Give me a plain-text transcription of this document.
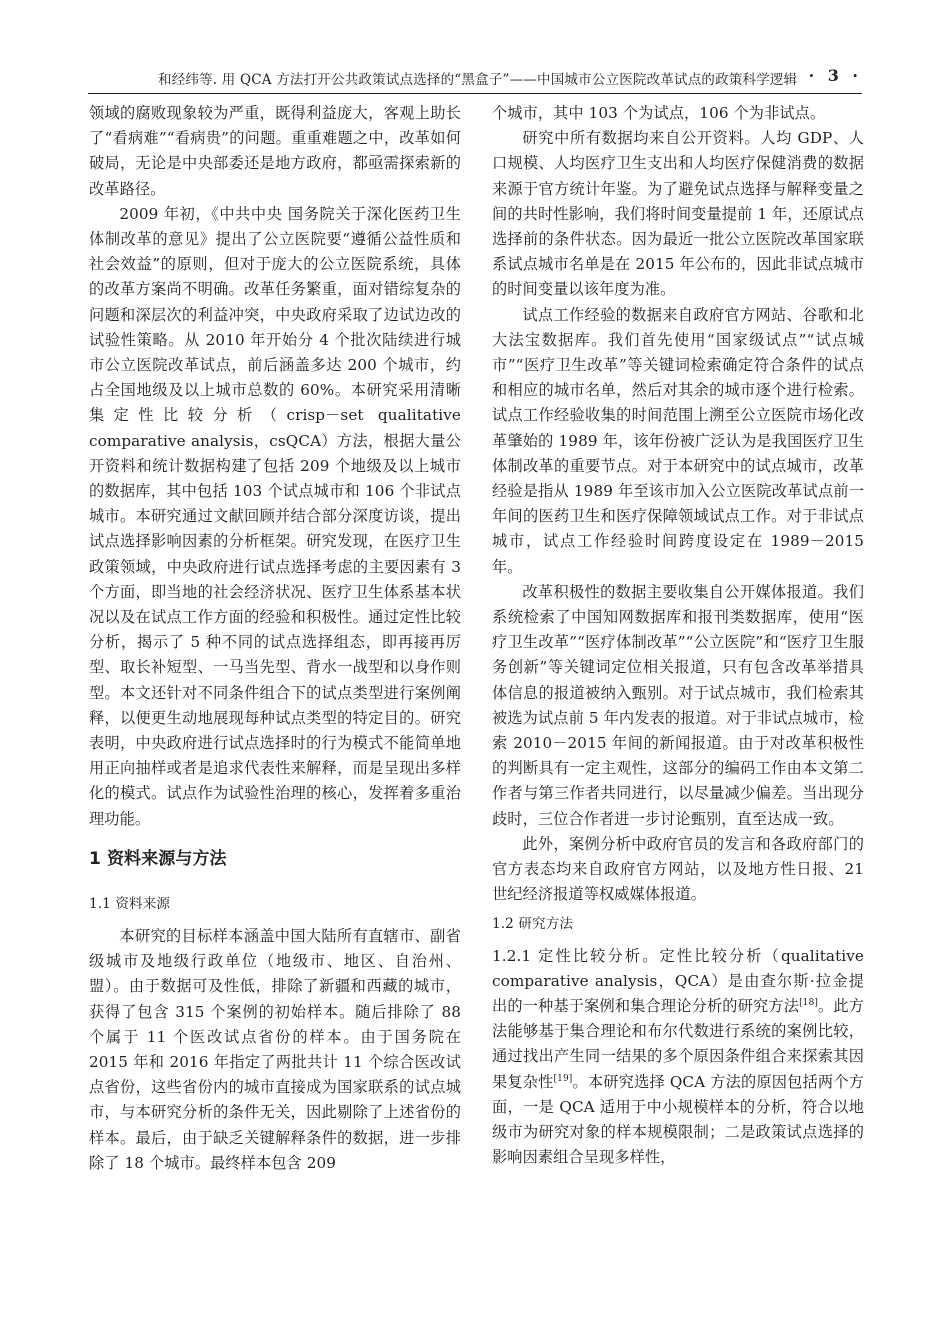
和经纬等. 用 QCA 方法打开公共政策试点选择的“黑盒子”——中国城市公立医院改革试点的政策科学逻辑 · 3 ·

领域的腐败现象较为严重，既得利益庞大，客观上助长了“看病难”“看病贵”的问题。重重难题之中，改革如何破局，无论是中央部委还是地方政府，都亟需探索新的改革路径。

2009 年初，《中共中央 国务院关于深化医药卫生体制改革的意见》提出了公立医院要“遵循公益性质和社会效益”的原则，但对于庞大的公立医院系统，具体的改革方案尚不明确。改革任务繁重，面对错综复杂的问题和深层次的利益冲突，中央政府采取了边试边改的试验性策略。从 2010 年开始分 4 个批次陆续进行城市公立医院改革试点，前后涵盖多达 200 个城市，约占全国地级及以上城市总数的 60%。本研究采用清晰集定性比较分析（crisp－set qualitative comparative analysis，csQCA）方法，根据大量公开资料和统计数据构建了包括 209 个地级及以上城市的数据库，其中包括 103 个试点城市和 106 个非试点城市。本研究通过文献回顾并结合部分深度访谈，提出试点选择影响因素的分析框架。研究发现，在医疗卫生政策领域，中央政府进行试点选择考虑的主要因素有 3 个方面，即当地的社会经济状况、医疗卫生体系基本状况以及在试点工作方面的经验和积极性。通过定性比较分析，揭示了 5 种不同的试点选择组态，即再接再厉型、取长补短型、一马当先型、背水一战型和以身作则型。本文还针对不同条件组合下的试点类型进行案例阐释，以便更生动地展现每种试点类型的特定目的。研究表明，中央政府进行试点选择时的行为模式不能简单地用正向抽样或者是追求代表性来解释，而是呈现出多样化的模式。试点作为试验性治理的核心，发挥着多重治理功能。

1 资料来源与方法

1.1 资料来源

本研究的目标样本涵盖中国大陆所有直辖市、副省级城市及地级行政单位（地级市、地区、自治州、盟）。由于数据可及性低，排除了新疆和西藏的城市，获得了包含 315 个案例的初始样本。随后排除了 88 个属于 11 个医改试点省份的样本。由于国务院在 2015 年和 2016 年指定了两批共计 11 个综合医改试点省份，这些省份内的城市直接成为国家联系的试点城市，与本研究分析的条件无关，因此剔除了上述省份的样本。最后，由于缺乏关键解释条件的数据，进一步排除了 18 个城市。最终样本包含 209

个城市，其中 103 个为试点，106 个为非试点。

研究中所有数据均来自公开资料。人均 GDP、人口规模、人均医疗卫生支出和人均医疗保健消费的数据来源于官方统计年鉴。为了避免试点选择与解释变量之间的共时性影响，我们将时间变量提前 1 年，还原试点选择前的条件状态。因为最近一批公立医院改革国家联系试点城市名单是在 2015 年公布的，因此非试点城市的时间变量以该年度为准。

试点工作经验的数据来自政府官方网站、谷歌和北大法宝数据库。我们首先使用“国家级试点”“试点城市”“医疗卫生改革”等关键词检索确定符合条件的试点和相应的城市名单，然后对其余的城市逐个进行检索。试点工作经验收集的时间范围上溯至公立医院市场化改革肇始的 1989 年，该年份被广泛认为是我国医疗卫生体制改革的重要节点。对于本研究中的试点城市，改革经验是指从 1989 年至该市加入公立医院改革试点前一年间的医药卫生和医疗保障领域试点工作。对于非试点城市，试点工作经验时间跨度设定在 1989－2015 年。

改革积极性的数据主要收集自公开媒体报道。我们系统检索了中国知网数据库和报刊类数据库，使用“医疗卫生改革”“医疗体制改革”“公立医院”和“医疗卫生服务创新”等关键词定位相关报道，只有包含改革举措具体信息的报道被纳入甄别。对于试点城市，我们检索其被选为试点前 5 年内发表的报道。对于非试点城市，检索 2010－2015 年间的新闻报道。由于对改革积极性的判断具有一定主观性，这部分的编码工作由本文第二作者与第三作者共同进行，以尽量减少偏差。当出现分歧时，三位合作者进一步讨论甄别，直至达成一致。

此外，案例分析中政府官员的发言和各政府部门的官方表态均来自政府官方网站，以及地方性日报、21 世纪经济报道等权威媒体报道。

1.2 研究方法

1.2.1 定性比较分析。定性比较分析（qualitative comparative analysis，QCA）是由查尔斯·拉金提出的一种基于案例和集合理论分析的研究方法[18]。此方法能够基于集合理论和布尔代数进行系统的案例比较，通过找出产生同一结果的多个原因条件组合来探索其因果复杂性[19]。本研究选择 QCA 方法的原因包括两个方面，一是 QCA 适用于中小规模样本的分析，符合以地级市为研究对象的样本规模限制；二是政策试点选择的影响因素组合呈现多样性，
